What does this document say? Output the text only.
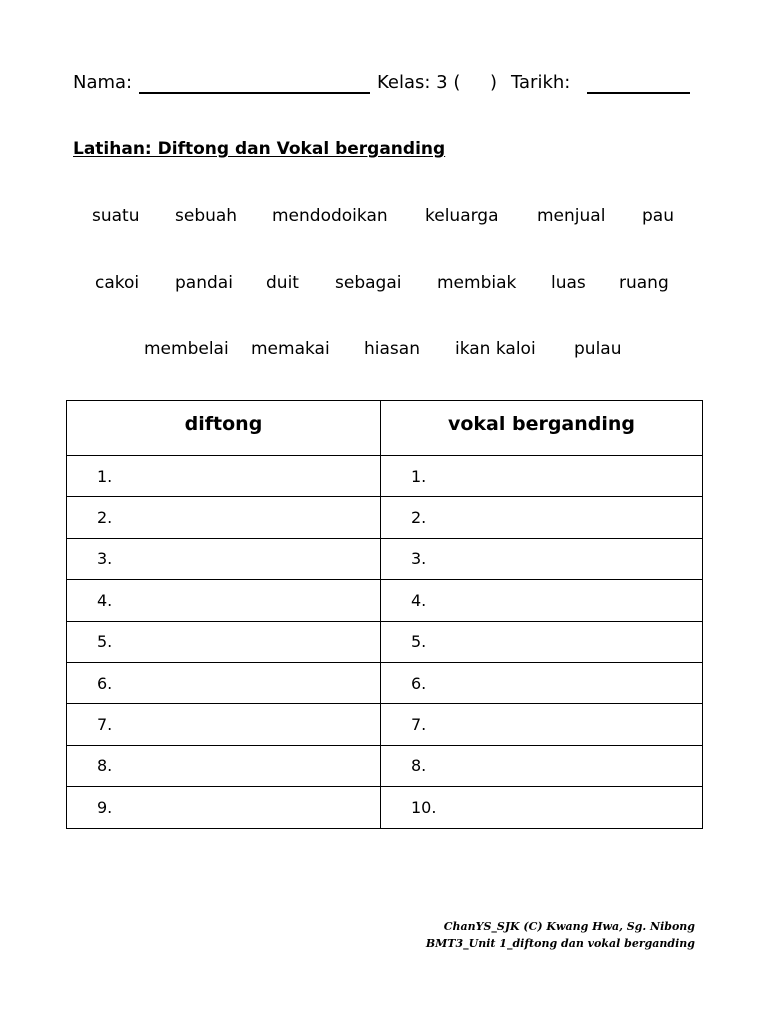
Nama:	Kelas: 3 ( ) Tarikh:
Latihan: Diftong dan Vokal berganding
suatu sebuah mendodoikan keluarga menjual pau
cakoi pandai duit sebagai membiak luas ruang
membelai memakai hiasan ikan kaloi pulau
diftong	vokal berganding
1.	1.
2.	2.
3.	3.
4.	4.
5.	5.
6.	6.
7.	7.
8.	8.
9.	10.
ChanYS_SJK (C) Kwang Hwa, Sg. Nibong
BMT3_Unit 1_diftong dan vokal berganding
